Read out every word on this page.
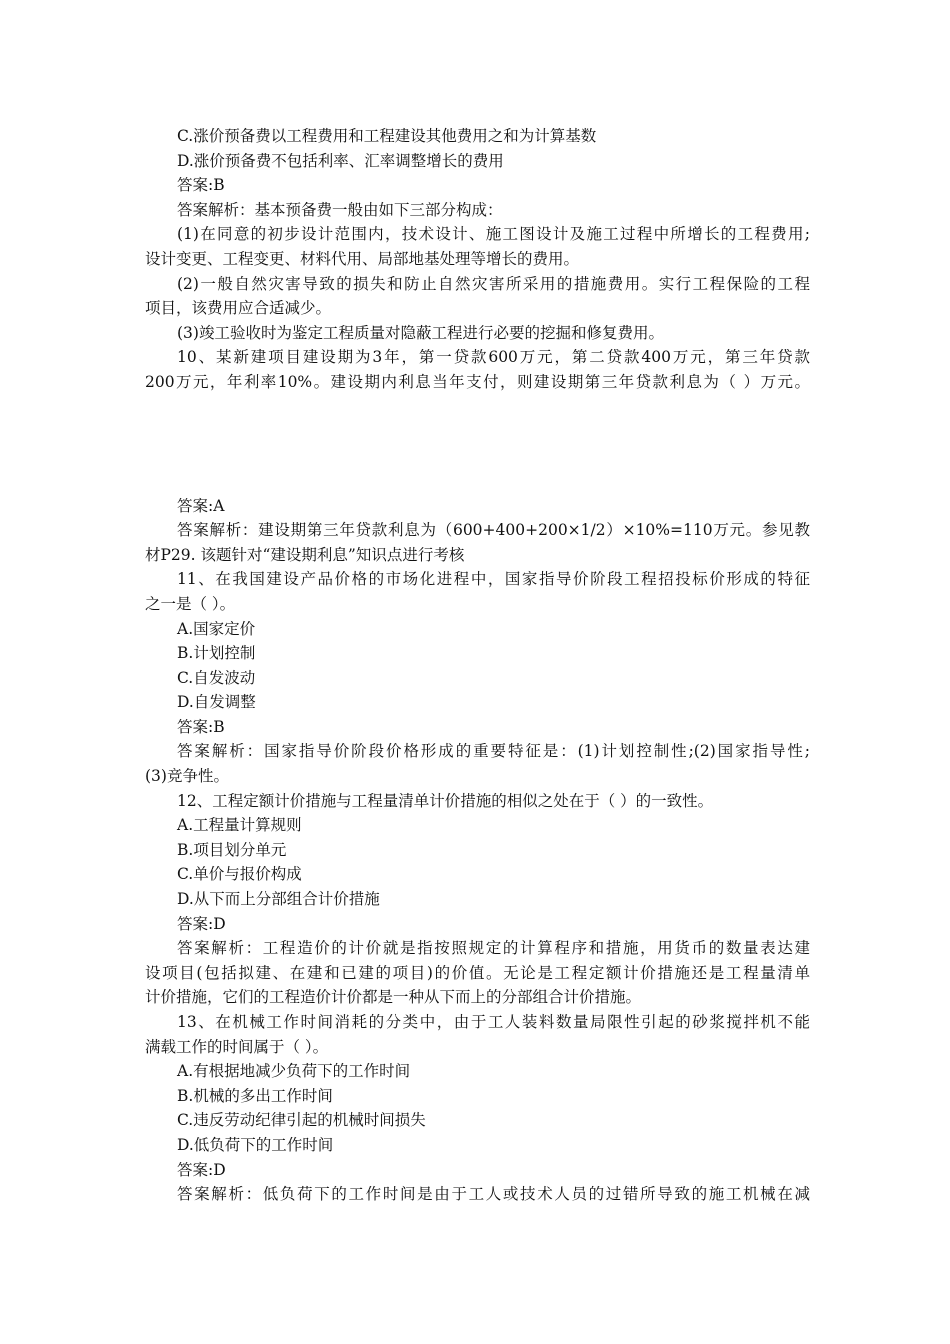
C.涨价预备费以工程费用和工程建设其他费用之和为计算基数
D.涨价预备费不包括利率、汇率调整增长的费用
答案:B
答案解析：基本预备费一般由如下三部分构成：
(1)在同意的初步设计范围内，技术设计、施工图设计及施工过程中所增长的工程费用;
设计变更、工程变更、材料代用、局部地基处理等增长的费用。
(2)一般自然灾害导致的损失和防止自然灾害所采用的措施费用。实行工程保险的工程
项目，该费用应合适减少。
(3)竣工验收时为鉴定工程质量对隐蔽工程进行必要的挖掘和修复费用。
10、某新建项目建设期为3年，第一贷款600万元，第二贷款400万元，第三年贷款
200万元，年利率10%。建设期内利息当年支付，则建设期第三年贷款利息为（ ）万元。
答案:A
答案解析：建设期第三年贷款利息为（600+400+200×1/2）×10%=110万元。参见教
材P29. 该题针对“建设期利息”知识点进行考核
11、在我国建设产品价格的市场化进程中，国家指导价阶段工程招投标价形成的特征
之一是（ ）。
A.国家定价
B.计划控制
C.自发波动
D.自发调整
答案:B
答案解析：国家指导价阶段价格形成的重要特征是：(1)计划控制性;(2)国家指导性;
(3)竞争性。
12、工程定额计价措施与工程量清单计价措施的相似之处在于（ ）的一致性。
A.工程量计算规则
B.项目划分单元
C.单价与报价构成
D.从下而上分部组合计价措施
答案:D
答案解析：工程造价的计价就是指按照规定的计算程序和措施，用货币的数量表达建
设项目(包括拟建、在建和已建的项目)的价值。无论是工程定额计价措施还是工程量清单
计价措施，它们的工程造价计价都是一种从下而上的分部组合计价措施。
13、在机械工作时间消耗的分类中，由于工人装料数量局限性引起的砂浆搅拌机不能
满载工作的时间属于（ ）。
A.有根据地减少负荷下的工作时间
B.机械的多出工作时间
C.违反劳动纪律引起的机械时间损失
D.低负荷下的工作时间
答案:D
答案解析：低负荷下的工作时间是由于工人或技术人员的过错所导致的施工机械在减
